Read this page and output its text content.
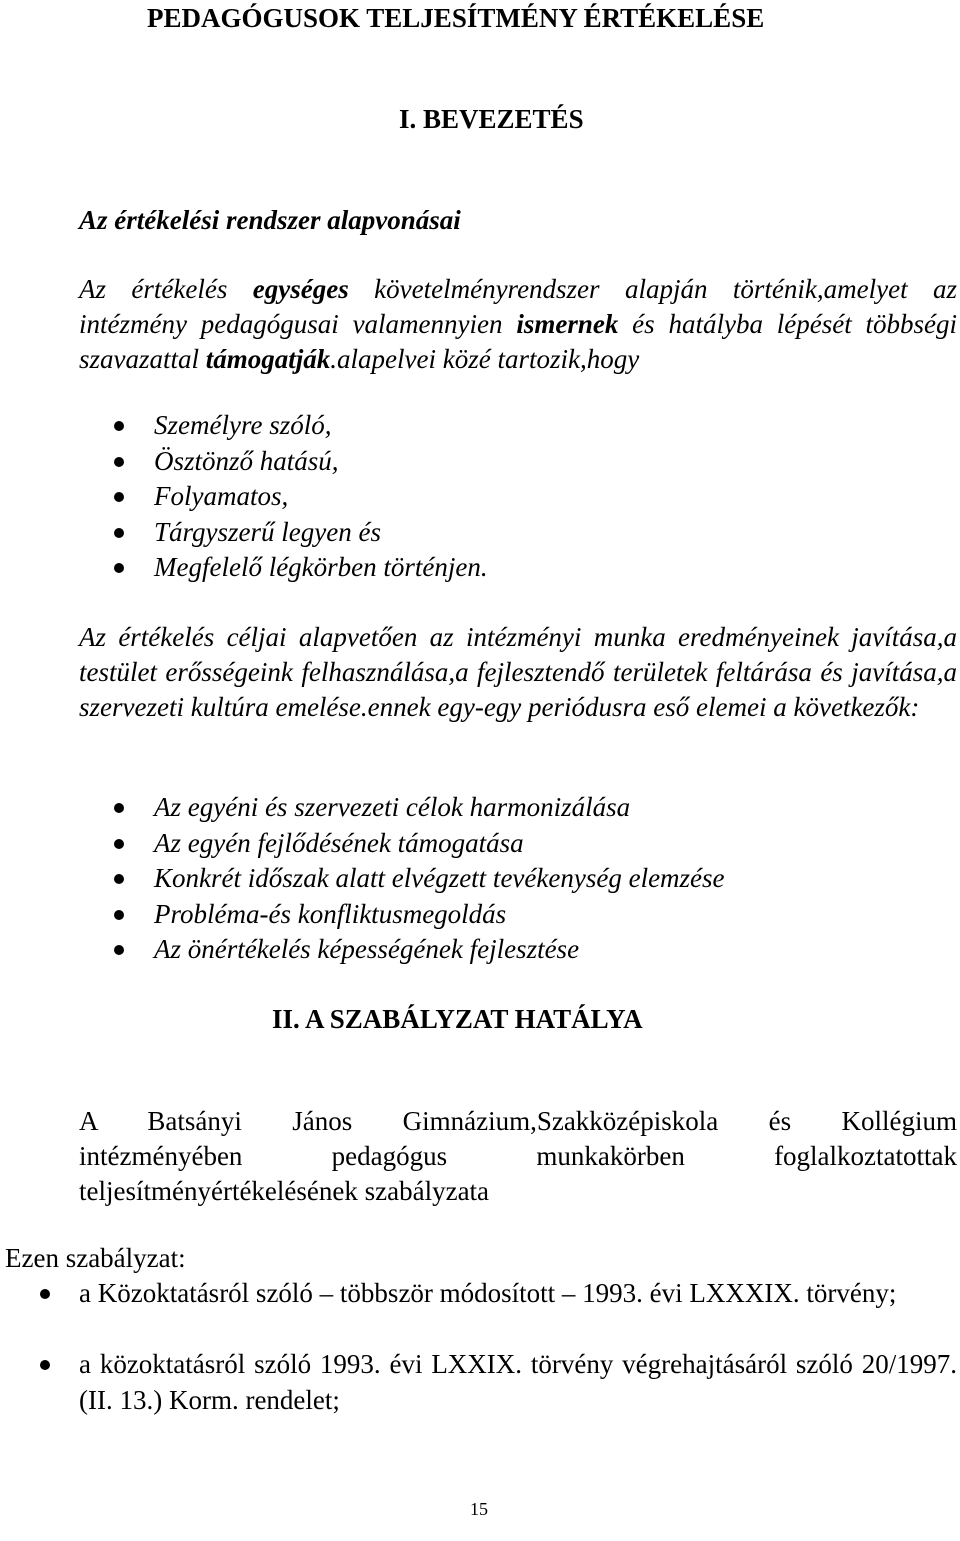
PEDAGÓGUSOK TELJESÍTMÉNY ÉRTÉKELÉSE
I. BEVEZETÉS
Az értékelési rendszer alapvonásai

Az értékelés egységes követelményrendszer alapján történik,amelyet az intézmény pedagógusai valamennyien ismernek és hatályba lépését többségi szavazattal támogatják.alapelvei közé tartozik,hogy

Személyre szóló,
Ösztönző hatású,
Folyamatos,
Tárgyszerű legyen és
Megfelelő légkörben történjen.

Az értékelés céljai alapvetően az intézményi munka eredményeinek javítása,a testület erősségeink felhasználása,a fejlesztendő területek feltárása és javítása,a szervezeti kultúra emelése.ennek egy-egy periódusra eső elemei a következők:

Az egyéni és szervezeti célok harmonizálása
Az egyén fejlődésének támogatása
Konkrét időszak alatt elvégzett tevékenység elemzése
Probléma-és konfliktusmegoldás
Az önértékelés képességének fejlesztése
II. A SZABÁLYZAT HATÁLYA

A Batsányi János Gimnázium,Szakközépiskola és Kollégium
intézményében pedagógus munkakörben foglalkoztatottak
teljesítményértékelésének szabályzata

Ezen szabályzat:

a Közoktatásról szóló – többször módosított – 1993. évi LXXXIX. törvény;
a közoktatásról szóló 1993. évi LXXIX. törvény végrehajtásáról szóló 20/1997. (II. 13.) Korm. rendelet;
15
